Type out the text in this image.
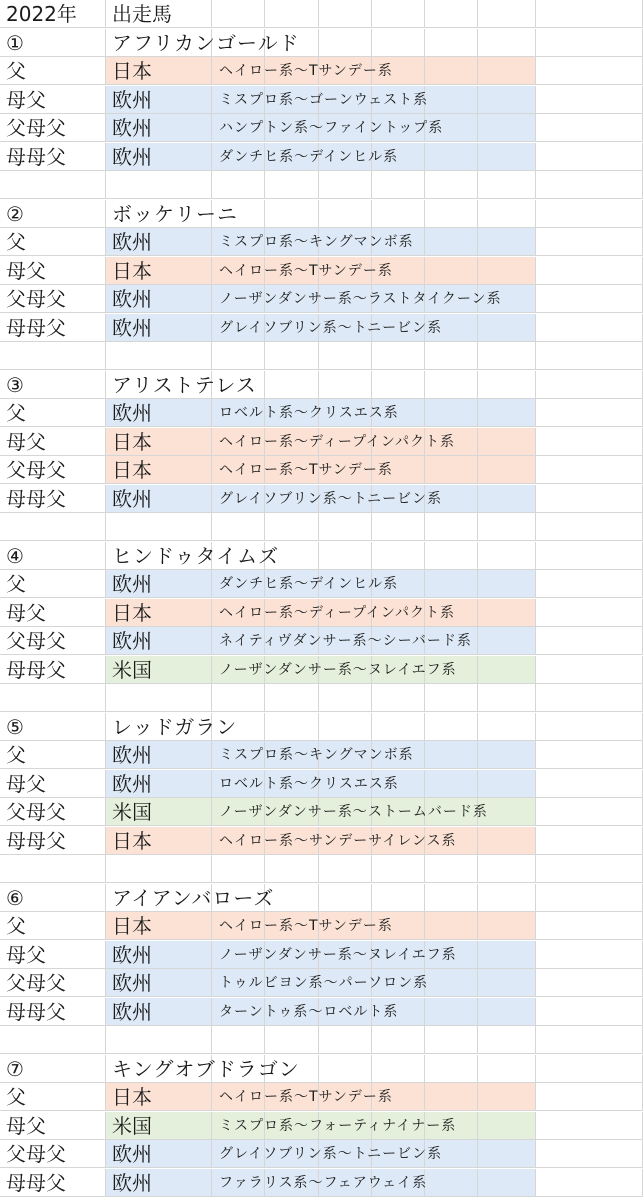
2022年 出走馬
①	アフリカンゴールド
父	日本	ヘイロー系～Tサンデー系
母父	欧州	ミスプロ系～ゴーンウェスト系
父母父 欧州	ハンプトン系～ファイントップ系
母母父 欧州	ダンチヒ系～デインヒル系
②	ボッケリーニ
父	欧州	ミスプロ系～キングマンボ系
母父	日本	ヘイロー系～Tサンデー系
父母父 欧州	ノーザンダンサー系～ラストタイクーン系
母母父 欧州	グレイソブリン系～トニービン系
③	アリストテレス
父	欧州	ロベルト系～クリスエス系
母父	日本	ヘイロー系～ディープインパクト系
父母父 日本	ヘイロー系～Tサンデー系
母母父 欧州	グレイソブリン系～トニービン系
④	ヒンドゥタイムズ
父	欧州	ダンチヒ系～デインヒル系
母父	日本	ヘイロー系～ディープインパクト系
父母父 欧州	ネイティヴダンサー系～シーバード系
母母父 米国	ノーザンダンサー系～ヌレイエフ系
⑤	レッドガラン
父	欧州	ミスプロ系～キングマンボ系
母父	欧州	ロベルト系～クリスエス系
父母父 米国	ノーザンダンサー系～ストームバード系
母母父 日本	ヘイロー系～サンデーサイレンス系
⑥	アイアンバローズ
父	日本	ヘイロー系～Tサンデー系
母父	欧州	ノーザンダンサー系～ヌレイエフ系
父母父 欧州	トゥルビヨン系～パーソロン系
母母父 欧州	ターントゥ系～ロベルト系
⑦	キングオブドラゴン
父	日本	ヘイロー系～Tサンデー系
母父	米国	ミスプロ系～フォーティナイナー系
父母父 欧州	グレイソブリン系～トニービン系
母母父 欧州	ファラリス系～フェアウェイ系
